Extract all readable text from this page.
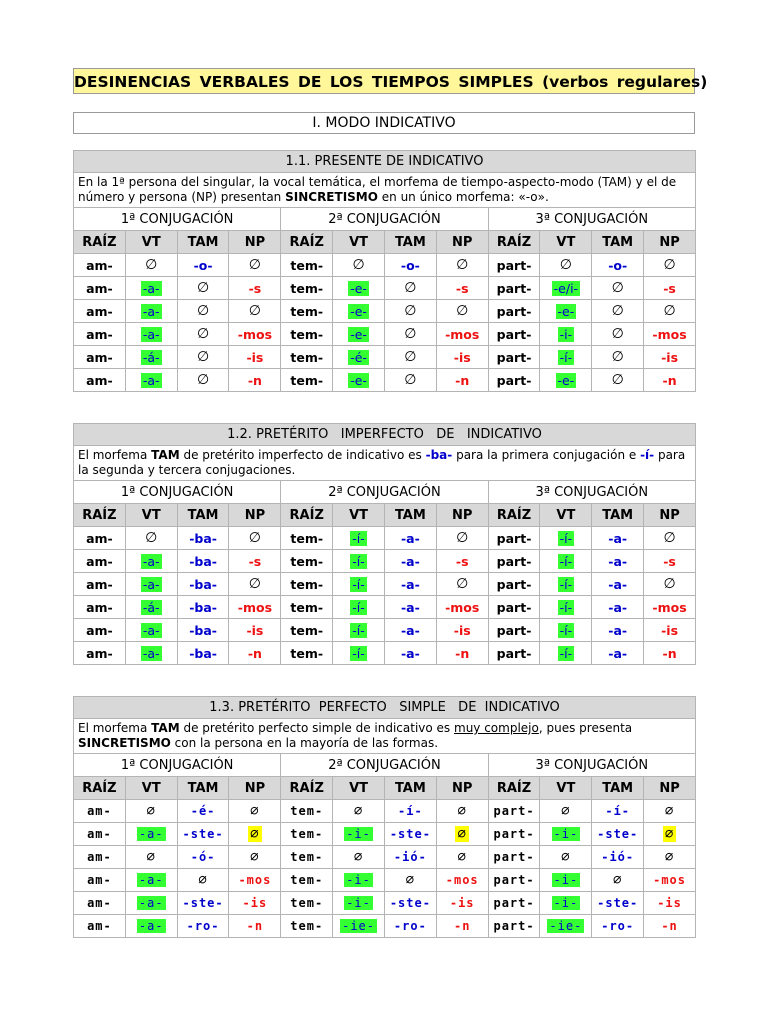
DESINENCIAS VERBALES DE LOS TIEMPOS SIMPLES (verbos regulares)
I. MODO INDICATIVO
1.1. PRESENTE DE INDICATIVO											
En la 1ª persona del singular, la vocal temática, el morfema de tiempo-aspecto-modo (TAM) y el de número y persona (NP) presentan SINCRETISMO en un único morfema: «-o».											
1ª CONJUGACIÓN				2ª CONJUGACIÓN				3ª CONJUGACIÓN			
RAÍZ	VT	TAM	NP	RAÍZ	VT	TAM	NP	RAÍZ	VT	TAM	NP
am-	∅	-o-	∅	tem-	∅	-o-	∅	part-	∅	-o-	∅
am-	-a-	∅	-s	tem-	-e-	∅	-s	part-	-e/i-	∅	-s
am-	-a-	∅	∅	tem-	-e-	∅	∅	part-	-e-	∅	∅
am-	-a-	∅	-mos	tem-	-e-	∅	-mos	part-	-i-	∅	-mos
am-	-á-	∅	-is	tem-	-é-	∅	-is	part-	-í-	∅	-is
am-	-a-	∅	-n	tem-	-e-	∅	-n	part-	-e-	∅	-n
1.2. PRETÉRITO   IMPERFECTO   DE   INDICATIVO											
El morfema TAM de pretérito imperfecto de indicativo es -ba- para la primera conjugación e -í- para la segunda y tercera conjugaciones.											
1ª CONJUGACIÓN				2ª CONJUGACIÓN				3ª CONJUGACIÓN			
RAÍZ	VT	TAM	NP	RAÍZ	VT	TAM	NP	RAÍZ	VT	TAM	NP
am-	∅	-ba-	∅	tem-	-í-	-a-	∅	part-	-í-	-a-	∅
am-	-a-	-ba-	-s	tem-	-í-	-a-	-s	part-	-í-	-a-	-s
am-	-a-	-ba-	∅	tem-	-í-	-a-	∅	part-	-í-	-a-	∅
am-	-á-	-ba-	-mos	tem-	-í-	-a-	-mos	part-	-í-	-a-	-mos
am-	-a-	-ba-	-is	tem-	-í-	-a-	-is	part-	-í-	-a-	-is
am-	-a-	-ba-	-n	tem-	-í-	-a-	-n	part-	-í-	-a-	-n
1.3. PRETÉRITO  PERFECTO   SIMPLE   DE  INDICATIVO											
El morfema TAM de pretérito perfecto simple de indicativo es muy complejo, pues presenta SINCRETISMO con la persona en la mayoría de las formas.											
1ª CONJUGACIÓN				2ª CONJUGACIÓN				3ª CONJUGACIÓN			
RAÍZ	VT	TAM	NP	RAÍZ	VT	TAM	NP	RAÍZ	VT	TAM	NP
am-	∅	-é-	∅	tem-	∅	-í-	∅	part-	∅	-í-	∅
am-	-a-	-ste-	∅	tem-	-i-	-ste-	∅	part-	-i-	-ste-	∅
am-	∅	-ó-	∅	tem-	∅	-ió-	∅	part-	∅	-ió-	∅
am-	-a-	∅	-mos	tem-	-i-	∅	-mos	part-	-i-	∅	-mos
am-	-a-	-ste-	-is	tem-	-i-	-ste-	-is	part-	-i-	-ste-	-is
am-	-a-	-ro-	-n	tem-	-ie-	-ro-	-n	part-	-ie-	-ro-	-n
